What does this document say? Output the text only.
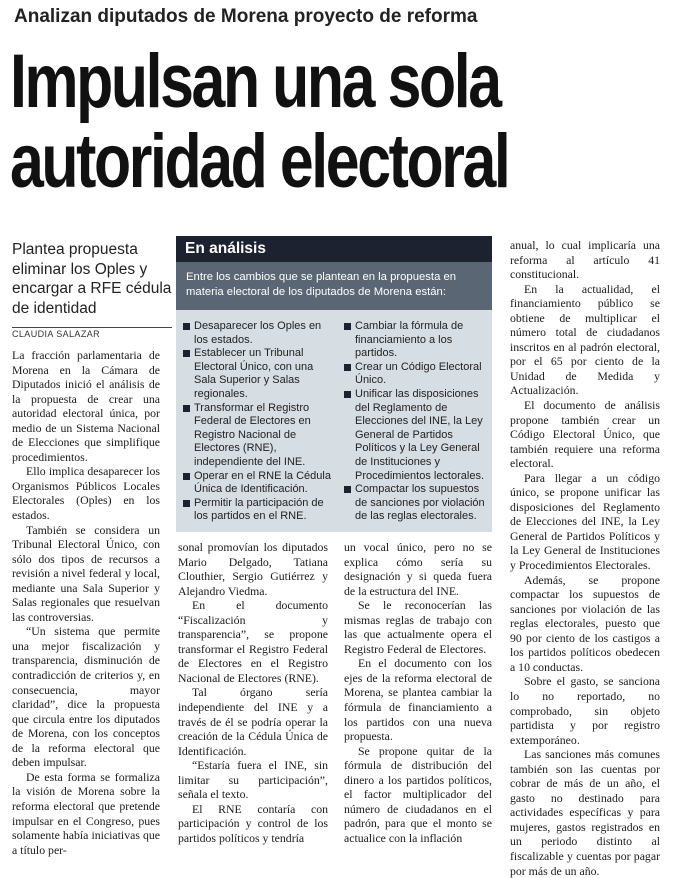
Analizan diputados de Morena proyecto de reforma
Impulsan una sola
autoridad electoral
Plantea propuesta eliminar los Oples y encargar a RFE cédula de identidad
CLAUDIA SALAZAR

La fracción parlamentaria de Morena en la Cámara de Diputados inició el análisis de la propuesta de crear una autoridad electoral única, por medio de un Sistema Nacional de Elecciones que simplifique procedimientos.

Ello implica desaparecer los Organismos Públicos Locales Electorales (Oples) en los estados.

También se considera un Tribunal Electoral Único, con sólo dos tipos de recursos a revisión a nivel federal y local, mediante una Sala Superior y Salas regionales que resuelvan las controversias.

“Un sistema que permite una mejor fiscalización y transparencia, disminución de contradicción de criterios y, en consecuencia, mayor claridad”, dice la propuesta que circula entre los diputados de Morena, con los conceptos de la reforma electoral que deben impulsar.

De esta forma se formaliza la visión de Morena sobre la reforma electoral que pretende impulsar en el Congreso, pues solamente había iniciativas que a título per-

En análisis
Entre los cambios que se plantean en la propuesta en materia electoral de los diputados de Morena están:
Desaparecer los Oples en los estados.
Establecer un Tribunal Electoral Único, con una Sala Superior y Salas regionales.
Transformar el Registro Federal de Electores en Registro Nacional de Electores (RNE), independiente del INE.
Operar en el RNE la Cédula Única de Identificación.
Permitir la participación de los partidos en el RNE.
Cambiar la fórmula de financiamiento a los partidos.
Crear un Código Electoral Único.
Unificar las disposiciones del Reglamento de Elecciones del INE, la Ley General de Partidos Políticos y la Ley General de Instituciones y Procedimientos lectorales.
Compactar los supuestos de sanciones por violación de las reglas electorales.

sonal promovían los diputados Mario Delgado, Tatiana Clouthier, Sergio Gutiérrez y Alejandro Viedma.

En el documento “Fiscalización y transparencia”, se propone transformar el Registro Federal de Electores en el Registro Nacional de Electores (RNE).

Tal órgano sería independiente del INE y a través de él se podría operar la creación de la Cédula Única de Identificación.

“Estaría fuera el INE, sin limitar su participación”, señala el texto.

El RNE contaría con participación y control de los partidos políticos y tendría

un vocal único, pero no se explica cómo sería su designación y si queda fuera de la estructura del INE.

Se le reconocerían las mismas reglas de trabajo con las que actualmente opera el Registro Federal de Electores.

En el documento con los ejes de la reforma electoral de Morena, se plantea cambiar la fórmula de financiamiento a los partidos con una nueva propuesta.

Se propone quitar de la fórmula de distribución del dinero a los partidos políticos, el factor multiplicador del número de ciudadanos en el padrón, para que el monto se actualice con la inflación

anual, lo cual implicaría una reforma al artículo 41 constitucional.

En la actualidad, el financiamiento público se obtiene de multiplicar el número total de ciudadanos inscritos en al padrón electoral, por el 65 por ciento de la Unidad de Medida y Actualización.

El documento de análisis propone también crear un Código Electoral Único, que también requiere una reforma electoral.

Para llegar a un código único, se propone unificar las disposiciones del Reglamento de Elecciones del INE, la Ley General de Partidos Políticos y la Ley General de Instituciones y Procedimientos Electorales.

Además, se propone compactar los supuestos de sanciones por violación de las reglas electorales, puesto que 90 por ciento de los castigos a los partidos políticos obedecen a 10 conductas.

Sobre el gasto, se sanciona lo no reportado, no comprobado, sin objeto partidista y por registro extemporáneo.

Las sanciones más comunes también son las cuentas por cobrar de más de un año, el gasto no destinado para actividades específicas y para mujeres, gastos registrados en un periodo distinto al fiscalizable y cuentas por pagar por más de un año.
